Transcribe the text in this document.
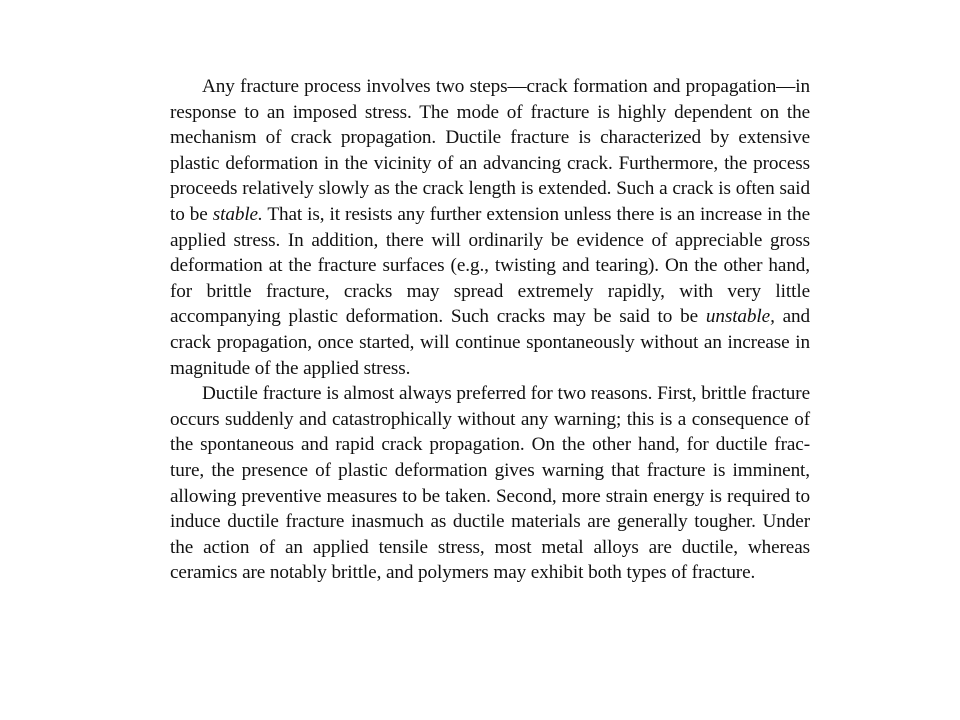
Any fracture process involves two steps—crack formation and propagation—in response to an imposed stress. The mode of fracture is highly dependent on the mechanism of crack propagation. Ductile fracture is characterized by extensive plastic deformation in the vicinity of an advancing crack. Furthermore, the process proceeds relatively slowly as the crack length is extended. Such a crack is often said to be stable. That is, it resists any further extension unless there is an increase in the applied stress. In addition, there will ordinarily be evidence of appreciable gross deformation at the fracture surfaces (e.g., twisting and tearing). On the other hand, for brittle fracture, cracks may spread extremely rapidly, with very little accompanying plastic deformation. Such cracks may be said to be unstable, and crack propagation, once started, will continue spontaneously without an increase in magnitude of the applied stress.

Ductile fracture is almost always preferred for two reasons. First, brittle fracture occurs suddenly and catastrophically without any warning; this is a consequence of the spontaneous and rapid crack propagation. On the other hand, for ductile frac-ture, the presence of plastic deformation gives warning that fracture is imminent, allowing preventive measures to be taken. Second, more strain energy is required to induce ductile fracture inasmuch as ductile materials are generally tougher. Under the action of an applied tensile stress, most metal alloys are ductile, whereas ceramics are notably brittle, and polymers may exhibit both types of fracture.
